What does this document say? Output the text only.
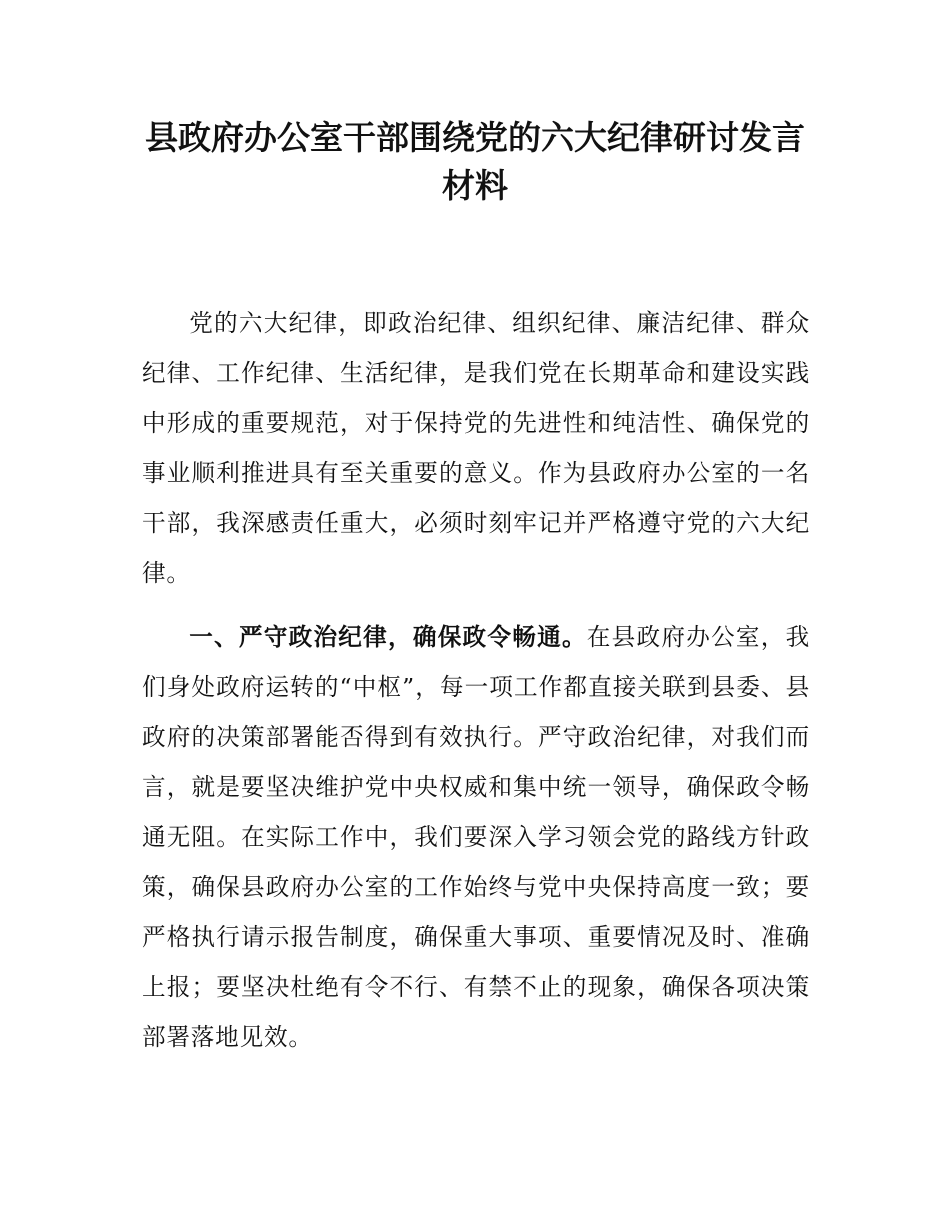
县政府办公室干部围绕党的六大纪律研讨发言材料

党的六大纪律，即政治纪律、组织纪律、廉洁纪律、群众纪律、工作纪律、生活纪律，是我们党在长期革命和建设实践中形成的重要规范，对于保持党的先进性和纯洁性、确保党的事业顺利推进具有至关重要的意义。作为县政府办公室的一名干部，我深感责任重大，必须时刻牢记并严格遵守党的六大纪律。

一、严守政治纪律，确保政令畅通。在县政府办公室，我们身处政府运转的“中枢”，每一项工作都直接关联到县委、县政府的决策部署能否得到有效执行。严守政治纪律，对我们而言，就是要坚决维护党中央权威和集中统一领导，确保政令畅通无阻。在实际工作中，我们要深入学习领会党的路线方针政策，确保县政府办公室的工作始终与党中央保持高度一致；要严格执行请示报告制度，确保重大事项、重要情况及时、准确上报；要坚决杜绝有令不行、有禁不止的现象，确保各项决策部署落地见效。
